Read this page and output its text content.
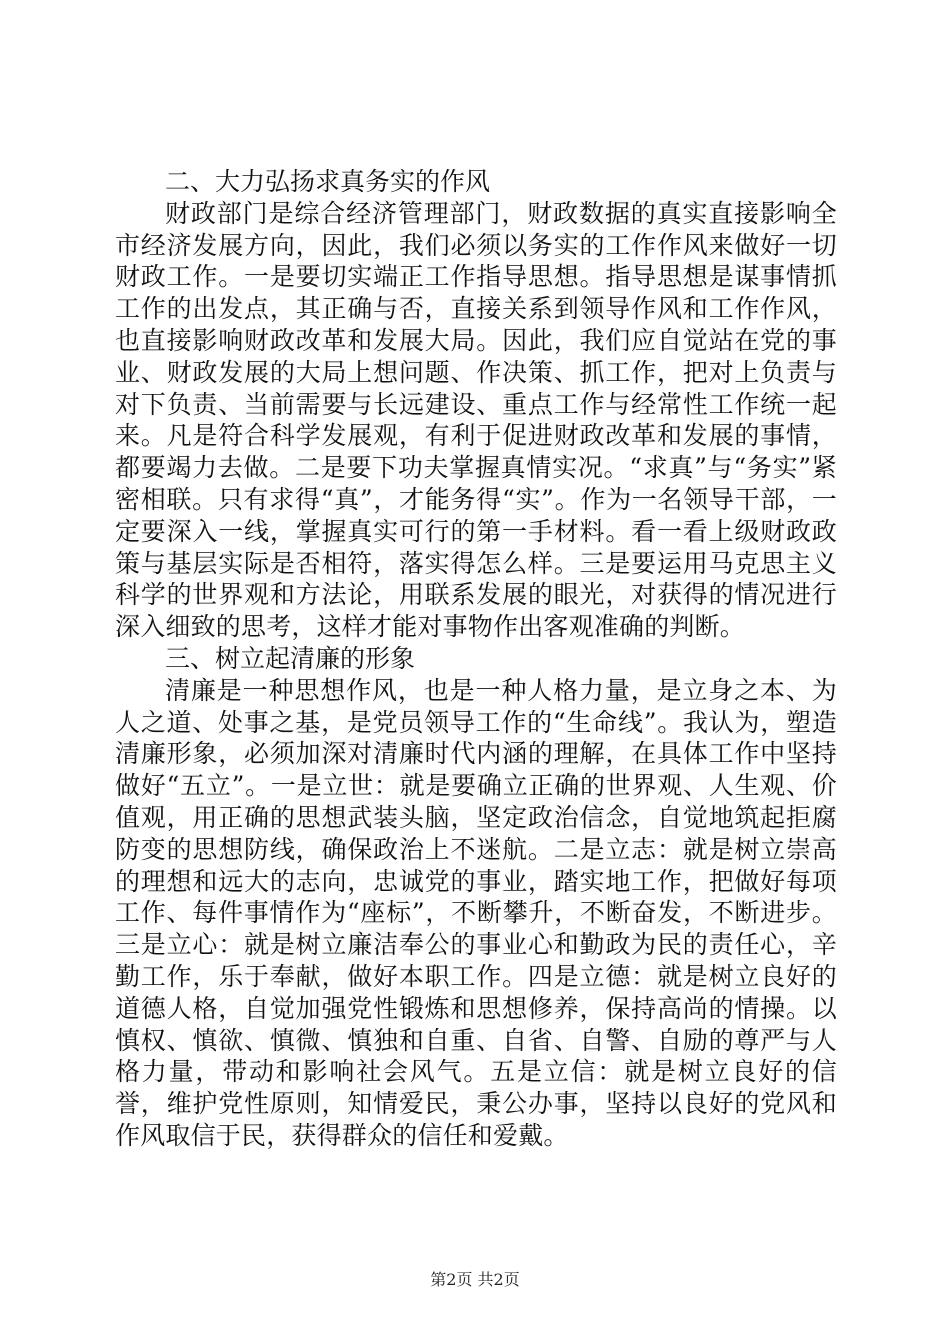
二、大力弘扬求真务实的作风

财政部门是综合经济管理部门，财政数据的真实直接影响全市经济发展方向，因此，我们必须以务实的工作作风来做好一切财政工作。一是要切实端正工作指导思想。指导思想是谋事情抓工作的出发点，其正确与否，直接关系到领导作风和工作作风，也直接影响财政改革和发展大局。因此，我们应自觉站在党的事业、财政发展的大局上想问题、作决策、抓工作，把对上负责与对下负责、当前需要与长远建设、重点工作与经常性工作统一起来。凡是符合科学发展观，有利于促进财政改革和发展的事情，都要竭力去做。二是要下功夫掌握真情实况。“求真”与“务实”紧密相联。只有求得“真”，才能务得“实”。作为一名领导干部，一定要深入一线，掌握真实可行的第一手材料。看一看上级财政政策与基层实际是否相符，落实得怎么样。三是要运用马克思主义科学的世界观和方法论，用联系发展的眼光，对获得的情况进行深入细致的思考，这样才能对事物作出客观准确的判断。

三、树立起清廉的形象

清廉是一种思想作风，也是一种人格力量，是立身之本、为人之道、处事之基，是党员领导工作的“生命线”。我认为，塑造清廉形象，必须加深对清廉时代内涵的理解，在具体工作中坚持做好“五立”。一是立世：就是要确立正确的世界观、人生观、价值观，用正确的思想武装头脑，坚定政治信念，自觉地筑起拒腐防变的思想防线，确保政治上不迷航。二是立志：就是树立崇高的理想和远大的志向，忠诚党的事业，踏实地工作，把做好每项工作、每件事情作为“座标”，不断攀升，不断奋发，不断进步。三是立心：就是树立廉洁奉公的事业心和勤政为民的责任心，辛勤工作，乐于奉献，做好本职工作。四是立德：就是树立良好的道德人格，自觉加强党性锻炼和思想修养，保持高尚的情操。以慎权、慎欲、慎微、慎独和自重、自省、自警、自励的尊严与人格力量，带动和影响社会风气。五是立信：就是树立良好的信誉，维护党性原则，知情爱民，秉公办事，坚持以良好的党风和作风取信于民，获得群众的信任和爱戴。

第2页 共2页
